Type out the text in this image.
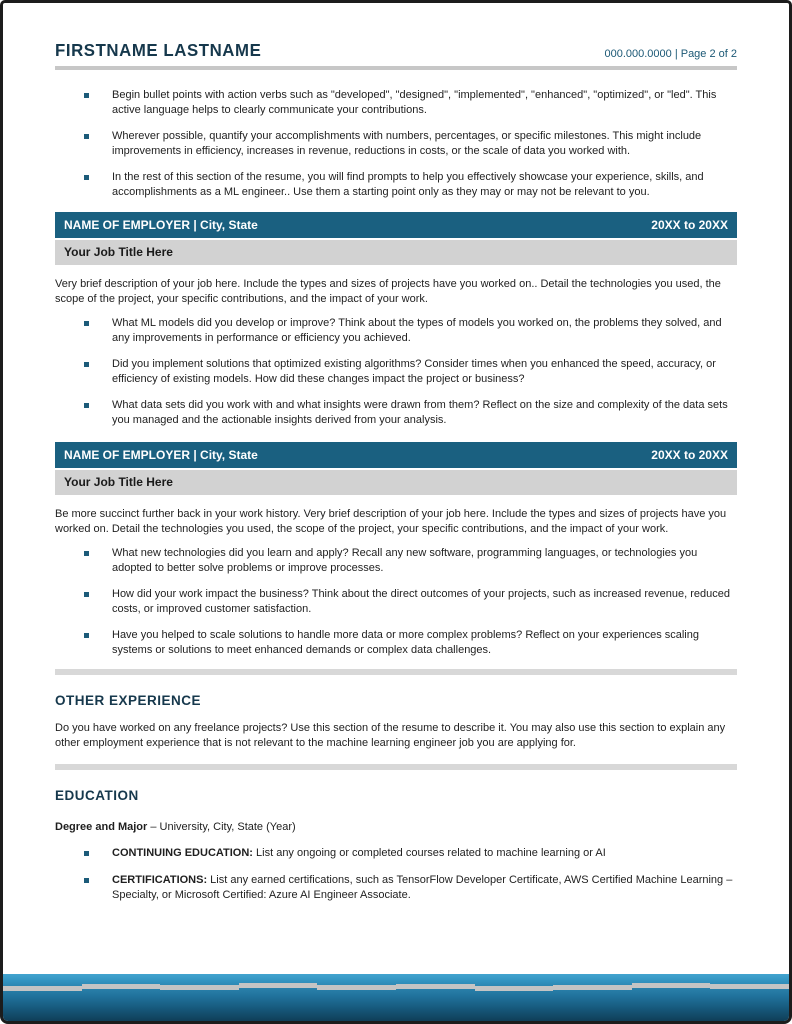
FIRSTNAME LASTNAME	000.000.0000 | Page 2 of 2
Begin bullet points with action verbs such as "developed", "designed", "implemented", "enhanced", "optimized", or "led". This active language helps to clearly communicate your contributions.
Wherever possible, quantify your accomplishments with numbers, percentages, or specific milestones. This might include improvements in efficiency, increases in revenue, reductions in costs, or the scale of data you worked with.
In the rest of this section of the resume, you will find prompts to help you effectively showcase your experience, skills, and accomplishments as a ML engineer.. Use them a starting point only as they may or may not be relevant to you.
NAME OF EMPLOYER | City, State	20XX to 20XX
Your Job Title Here

Very brief description of your job here. Include the types and sizes of projects have you worked on.. Detail the technologies you used, the scope of the project, your specific contributions, and the impact of your work.

What ML models did you develop or improve? Think about the types of models you worked on, the problems they solved, and any improvements in performance or efficiency you achieved.
Did you implement solutions that optimized existing algorithms? Consider times when you enhanced the speed, accuracy, or efficiency of existing models. How did these changes impact the project or business?
What data sets did you work with and what insights were drawn from them? Reflect on the size and complexity of the data sets you managed and the actionable insights derived from your analysis.
NAME OF EMPLOYER | City, State	20XX to 20XX
Your Job Title Here

Be more succinct further back in your work history. Very brief description of your job here. Include the types and sizes of projects have you worked on. Detail the technologies you used, the scope of the project, your specific contributions, and the impact of your work.

What new technologies did you learn and apply? Recall any new software, programming languages, or technologies you adopted to better solve problems or improve processes.
How did your work impact the business? Think about the direct outcomes of your projects, such as increased revenue, reduced costs, or improved customer satisfaction.
Have you helped to scale solutions to handle more data or more complex problems? Reflect on your experiences scaling systems or solutions to meet enhanced demands or complex data challenges.
OTHER EXPERIENCE

Do you have worked on any freelance projects? Use this section of the resume to describe it. You may also use this section to explain any other employment experience that is not relevant to the machine learning engineer job you are applying for.

EDUCATION

Degree and Major – University, City, State (Year)

CONTINUING EDUCATION: List any ongoing or completed courses related to machine learning or AI
CERTIFICATIONS: List any earned certifications, such as TensorFlow Developer Certificate, AWS Certified Machine Learning – Specialty, or Microsoft Certified: Azure AI Engineer Associate.
